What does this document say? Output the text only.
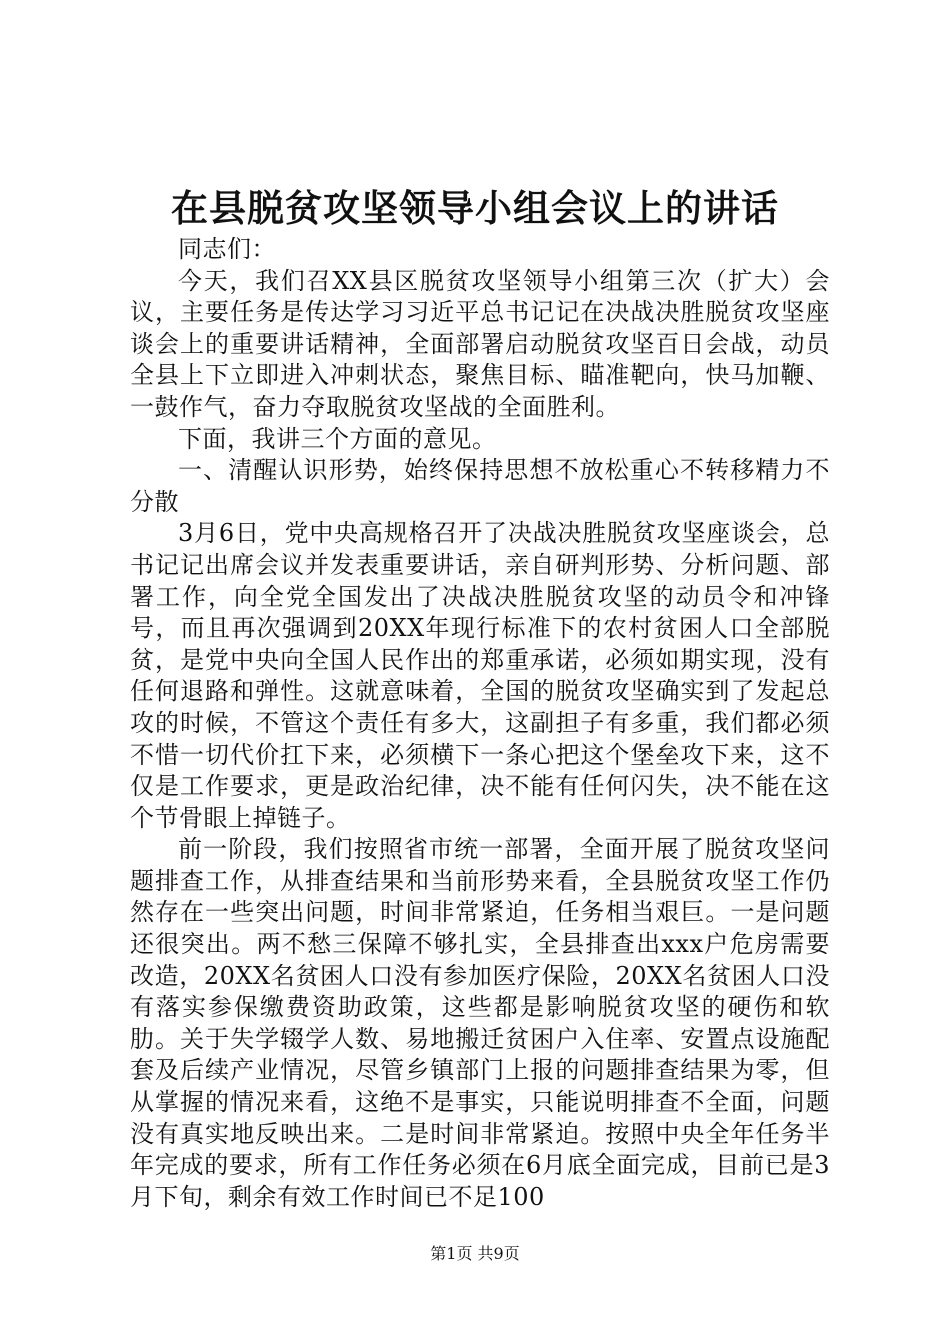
在县脱贫攻坚领导小组会议上的讲话

同志们：

今天，我们召XX县区脱贫攻坚领导小组第三次（扩大）会议，主要任务是传达学习习近平总书记记在决战决胜脱贫攻坚座谈会上的重要讲话精神，全面部署启动脱贫攻坚百日会战，动员全县上下立即进入冲刺状态，聚焦目标、瞄准靶向，快马加鞭、一鼓作气，奋力夺取脱贫攻坚战的全面胜利。

下面，我讲三个方面的意见。

一、清醒认识形势，始终保持思想不放松重心不转移精力不分散

3月6日，党中央高规格召开了决战决胜脱贫攻坚座谈会，总书记记出席会议并发表重要讲话，亲自研判形势、分析问题、部署工作，向全党全国发出了决战决胜脱贫攻坚的动员令和冲锋号，而且再次强调到20XX年现行标准下的农村贫困人口全部脱贫，是党中央向全国人民作出的郑重承诺，必须如期实现，没有任何退路和弹性。这就意味着，全国的脱贫攻坚确实到了发起总攻的时候，不管这个责任有多大，这副担子有多重，我们都必须不惜一切代价扛下来，必须横下一条心把这个堡垒攻下来，这不仅是工作要求，更是政治纪律，决不能有任何闪失，决不能在这个节骨眼上掉链子。

前一阶段，我们按照省市统一部署，全面开展了脱贫攻坚问题排查工作，从排查结果和当前形势来看，全县脱贫攻坚工作仍然存在一些突出问题，时间非常紧迫，任务相当艰巨。一是问题还很突出。两不愁三保障不够扎实，全县排查出xxx户危房需要改造，20XX名贫困人口没有参加医疗保险，20XX名贫困人口没有落实参保缴费资助政策，这些都是影响脱贫攻坚的硬伤和软肋。关于失学辍学人数、易地搬迁贫困户入住率、安置点设施配套及后续产业情况，尽管乡镇部门上报的问题排查结果为零，但从掌握的情况来看，这绝不是事实，只能说明排查不全面，问题没有真实地反映出来。二是时间非常紧迫。按照中央全年任务半年完成的要求，所有工作任务必须在6月底全面完成，目前已是3月下旬，剩余有效工作时间已不足100

第1页 共9页
